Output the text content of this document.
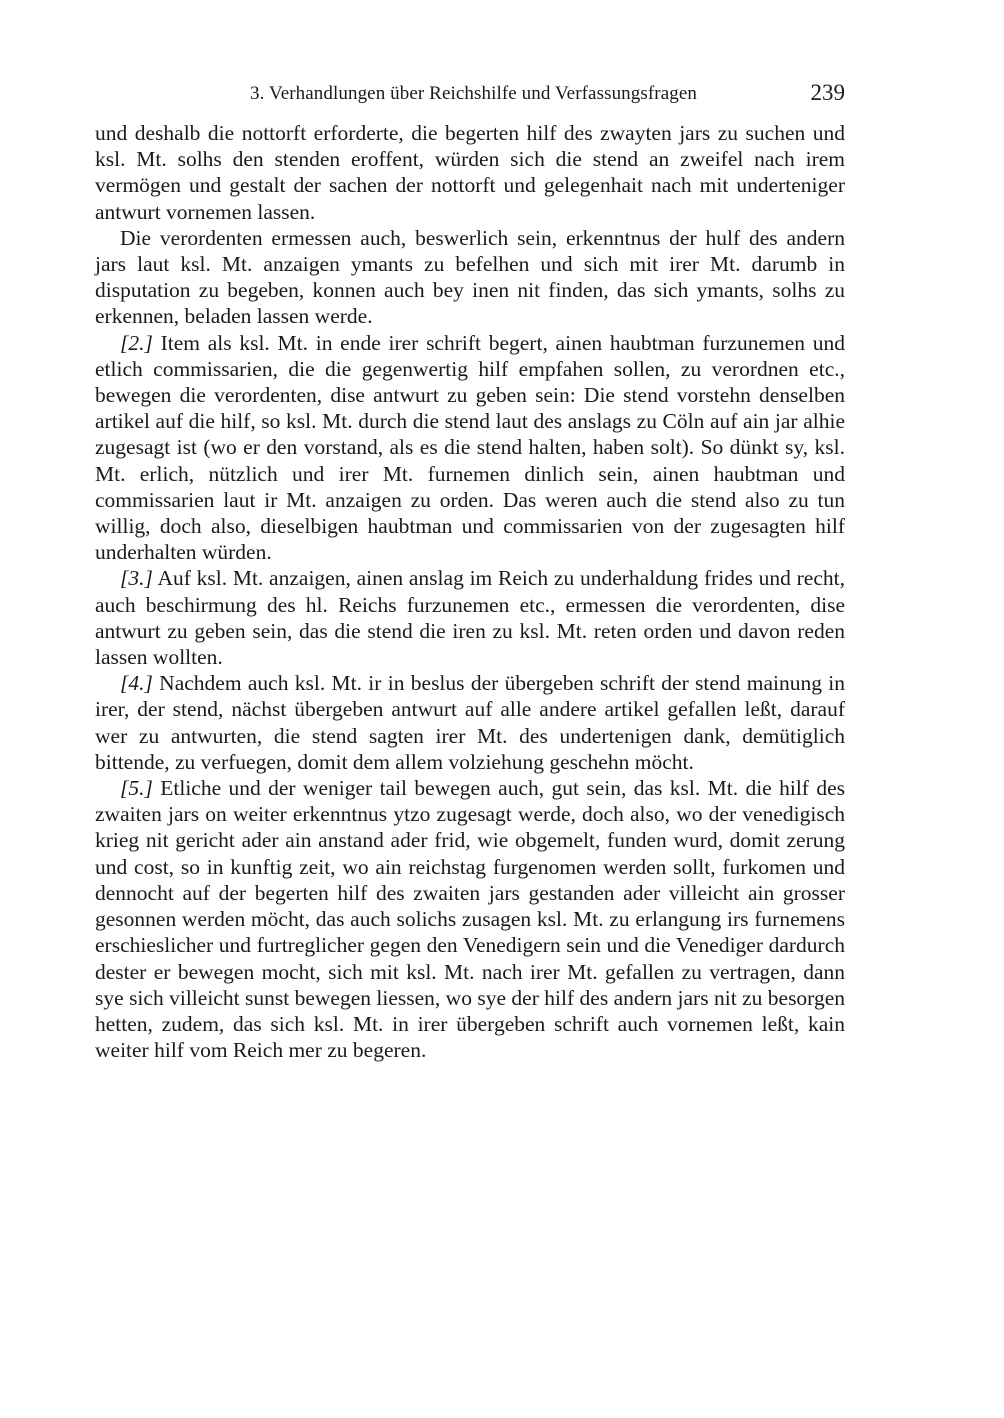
3. Verhandlungen über Reichshilfe und Verfassungsfragen	239

und deshalb die nottorft erforderte, die begerten hilf des zwayten jars zu suchen und ksl. Mt. solhs den stenden eroffent, würden sich die stend an zweifel nach irem vermögen und gestalt der sachen der nottorft und gelegenhait nach mit underteniger antwurt vornemen lassen.

Die verordenten ermessen auch, beswerlich sein, erkenntnus der hulf des andern jars laut ksl. Mt. anzaigen ymants zu befelhen und sich mit irer Mt. darumb in disputation zu begeben, konnen auch bey inen nit finden, das sich ymants, solhs zu erkennen, beladen lassen werde.

[2.] Item als ksl. Mt. in ende irer schrift begert, ainen haubtman furzunemen und etlich commissarien, die die gegenwertig hilf empfahen sollen, zu verordnen etc., bewegen die verordenten, dise antwurt zu geben sein: Die stend vorstehn denselben artikel auf die hilf, so ksl. Mt. durch die stend laut des anslags zu Cöln auf ain jar alhie zugesagt ist (wo er den vorstand, als es die stend halten, haben solt). So dünkt sy, ksl. Mt. erlich, nützlich und irer Mt. furnemen dinlich sein, ainen haubtman und commissarien laut ir Mt. anzaigen zu orden. Das weren auch die stend also zu tun willig, doch also, dieselbigen haubtman und commissarien von der zugesagten hilf underhalten würden.

[3.] Auf ksl. Mt. anzaigen, ainen anslag im Reich zu underhaldung frides und recht, auch beschirmung des hl. Reichs furzunemen etc., ermessen die verordenten, dise antwurt zu geben sein, das die stend die iren zu ksl. Mt. reten orden und davon reden lassen wollten.

[4.] Nachdem auch ksl. Mt. ir in beslus der übergeben schrift der stend mainung in irer, der stend, nächst übergeben antwurt auf alle andere artikel gefallen leßt, darauf wer zu antwurten, die stend sagten irer Mt. des undertenigen dank, demütiglich bittende, zu verfuegen, domit dem allem volziehung geschehn möcht.

[5.] Etliche und der weniger tail bewegen auch, gut sein, das ksl. Mt. die hilf des zwaiten jars on weiter erkenntnus ytzo zugesagt werde, doch also, wo der venedigisch krieg nit gericht ader ain anstand ader frid, wie obgemelt, funden wurd, domit zerung und cost, so in kunftig zeit, wo ain reichstag furgenomen werden sollt, furkomen und dennocht auf der begerten hilf des zwaiten jars gestanden ader villeicht ain grosser gesonnen werden möcht, das auch solichs zusagen ksl. Mt. zu erlangung irs furnemens erschieslicher und furtreglicher gegen den Venedigern sein und die Venediger dardurch dester er bewegen mocht, sich mit ksl. Mt. nach irer Mt. gefallen zu vertragen, dann sye sich villeicht sunst bewegen liessen, wo sye der hilf des andern jars nit zu besorgen hetten, zudem, das sich ksl. Mt. in irer übergeben schrift auch vornemen leßt, kain weiter hilf vom Reich mer zu begeren.
